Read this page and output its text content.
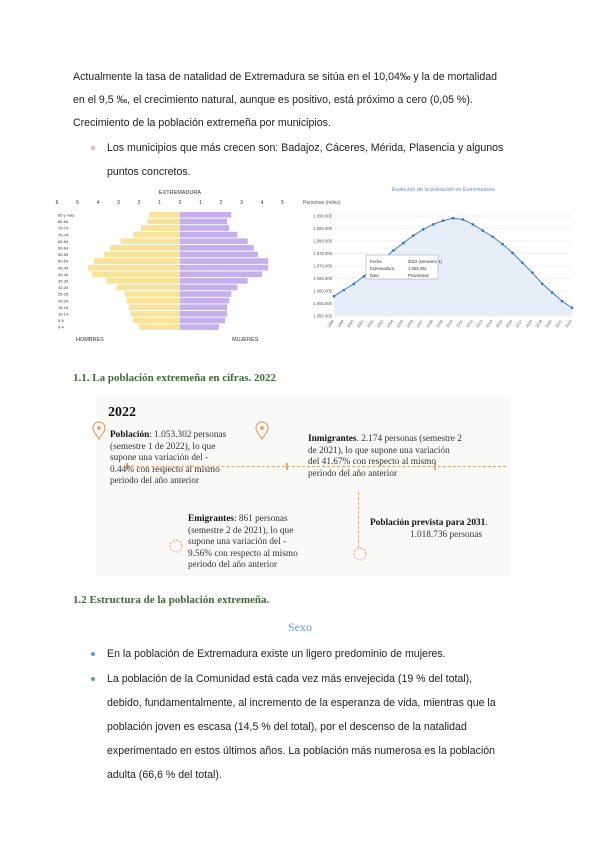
Actualmente la tasa de natalidad de Extremadura se sitúa en el 10,04‰ y la de mortalidad
en el 9,5 ‰, el crecimiento natural, aunque es positivo, está próximo a cero (0,05 %).
Crecimiento de la población extremeña por municipios.
Los municipios que más crecen son: Badajoz, Cáceres, Mérida, Plasencia y algunos
puntos concretos.
EXTREMADURA
6	5	4	3	2	1	0	1	2	3	4	5
85 y más
80-84
75-79
70-74
65-69
60-64
55-59
50-54
45-49
40-44
35-39
30-34
25-29
20-24
15-19
10-14
5-9
0-4
HOMBRES	MUJERES
Evolución de la población en Extremadura
Personas (miles)
1.090.000
1.085.000
1.080.000
1.075.000
1.070.000
1.065.000
1.060.000
1.055.000
1.050.000
1998 1999 2000 2001 2002 2003 2004 2005 2006 2007 2008 2009 2010 2011 2012 2013 2014 2015 2016 2017 2018 2019 2020 2021 2022
Fecha	2022 (semestre 1)
Extremadura	1.053.302
Dato	Provisional
1.1. La población extremeña en cifras. 2022
2022
Población: 1.053.302 personas
(semestre 1 de 2022), lo que
supone una variación del -
0.44% con respecto al mismo
periodo del año anterior
Inmigrantes. 2.174 personas (semestre 2
de 2021), lo que supone una variación
del 41.67% con respecto al mismo
periodo del año anterior
Emigrantes: 861 personas
(semestre 2 de 2021), lo que
supone una variación del -
9.56% con respecto al mismo
periodo del año anterior
Población prevista para 2031.
1.018.736 personas
1.2 Estructura de la población extremeña.
Sexo
En la población de Extremadura existe un ligero predominio de mujeres.
La población de la Comunidad está cada vez más envejecida (19 % del total),
debido, fundamentalmente, al incremento de la esperanza de vida, mientras que la
población joven es escasa (14,5 % del total), por el descenso de la natalidad
experimentado en estos últimos años. La población más numerosa es la población
adulta (66,6 % del total).
